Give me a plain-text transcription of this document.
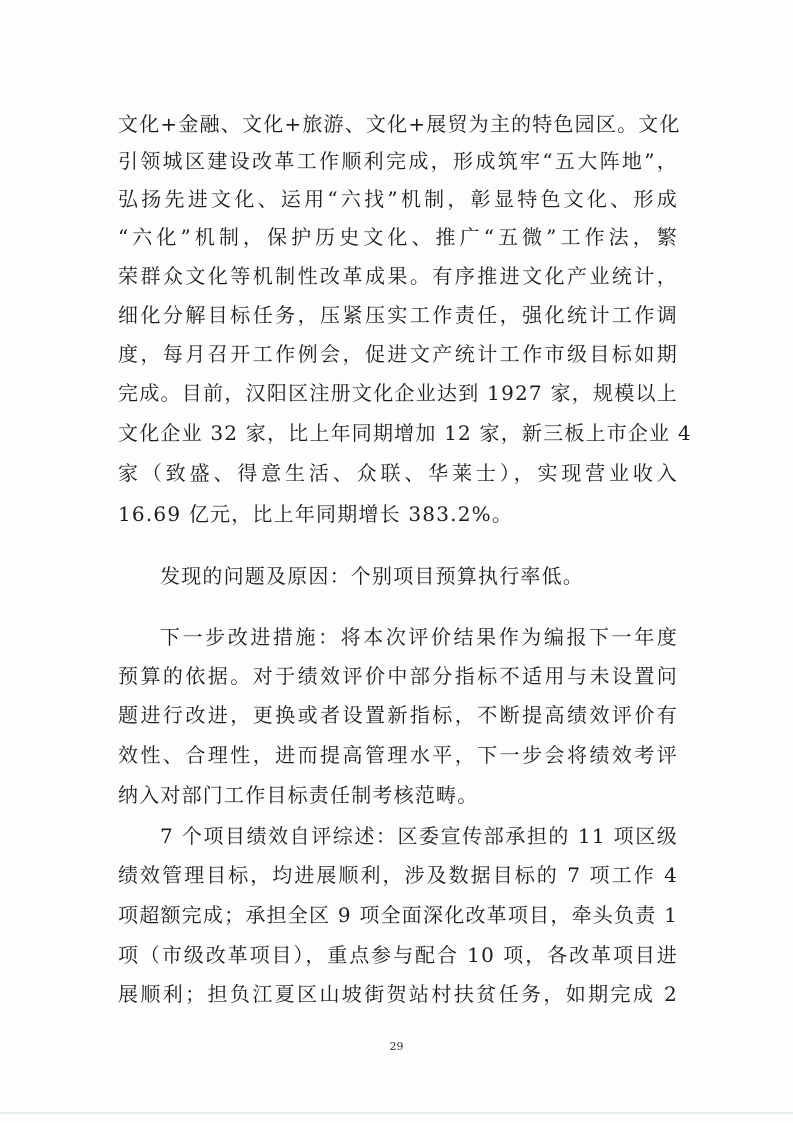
文化+金融、文化+旅游、文化+展贸为主的特色园区。文化
引领城区建设改革工作顺利完成，形成筑牢“五大阵地”，
弘扬先进文化、运用“六找”机制，彰显特色文化、形成
“六化”机制，保护历史文化、推广“五微”工作法，繁
荣群众文化等机制性改革成果。有序推进文化产业统计，
细化分解目标任务，压紧压实工作责任，强化统计工作调
度，每月召开工作例会，促进文产统计工作市级目标如期
完成。目前，汉阳区注册文化企业达到 1927 家，规模以上
文化企业 32 家，比上年同期增加 12 家，新三板上市企业 4
家（致盛、得意生活、众联、华莱士），实现营业收入
16.69 亿元，比上年同期增长 383.2%。
发现的问题及原因：个别项目预算执行率低。
下一步改进措施：将本次评价结果作为编报下一年度
预算的依据。对于绩效评价中部分指标不适用与未设置问
题进行改进，更换或者设置新指标，不断提高绩效评价有
效性、合理性，进而提高管理水平，下一步会将绩效考评
纳入对部门工作目标责任制考核范畴。
7 个项目绩效自评综述：区委宣传部承担的 11 项区级
绩效管理目标，均进展顺利，涉及数据目标的 7 项工作 4
项超额完成；承担全区 9 项全面深化改革项目，牵头负责 1
项（市级改革项目），重点参与配合 10 项，各改革项目进
展顺利；担负江夏区山坡街贺站村扶贫任务，如期完成 2
29
